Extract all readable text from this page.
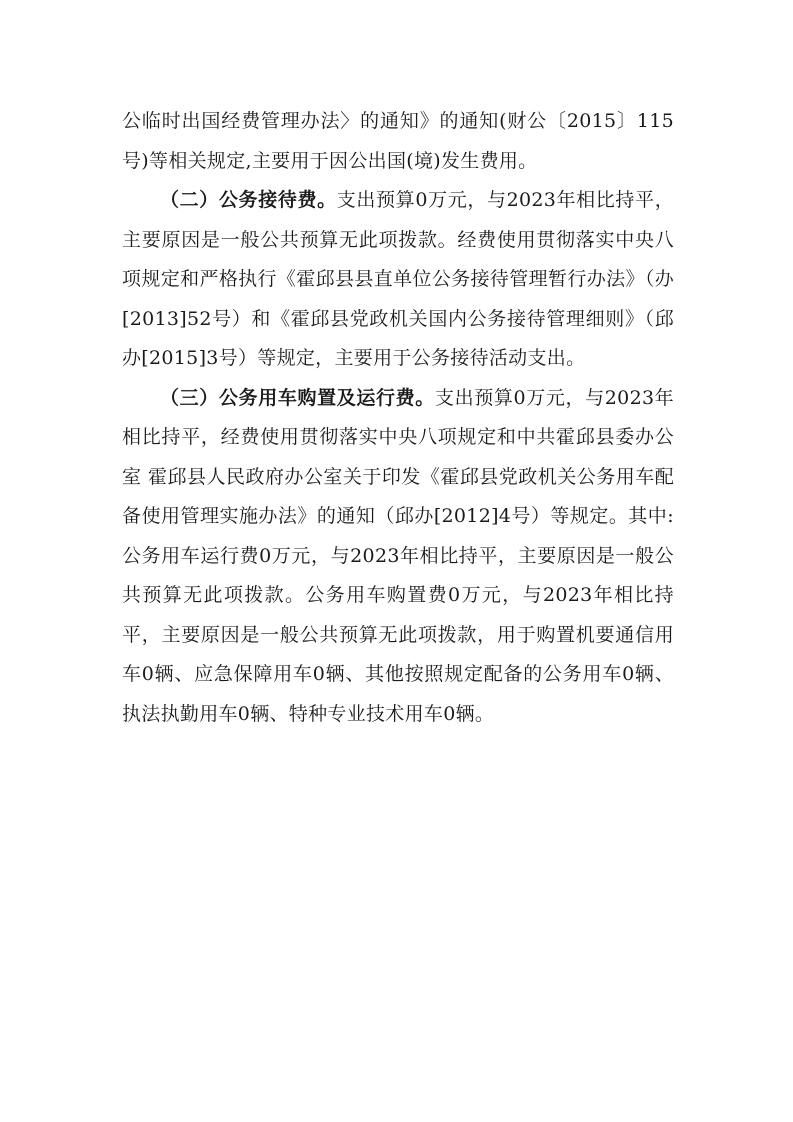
公临时出国经费管理办法〉的通知》的通知(财公〔2015〕115号)等相关规定,主要用于因公出国(境)发生费用。

（二）公务接待费。支出预算0万元，与2023年相比持平，主要原因是一般公共预算无此项拨款。经费使用贯彻落实中央八项规定和严格执行《霍邱县县直单位公务接待管理暂行办法》（办[2013]52号）和《霍邱县党政机关国内公务接待管理细则》（邱办[2015]3号）等规定，主要用于公务接待活动支出。

（三）公务用车购置及运行费。支出预算0万元，与2023年相比持平，经费使用贯彻落实中央八项规定和中共霍邱县委办公室 霍邱县人民政府办公室关于印发《霍邱县党政机关公务用车配备使用管理实施办法》的通知（邱办[2012]4号）等规定。其中: 公务用车运行费0万元，与2023年相比持平，主要原因是一般公共预算无此项拨款。公务用车购置费0万元，与2023年相比持平，主要原因是一般公共预算无此项拨款，用于购置机要通信用车0辆、应急保障用车0辆、其他按照规定配备的公务用车0辆、执法执勤用车0辆、特种专业技术用车0辆。
